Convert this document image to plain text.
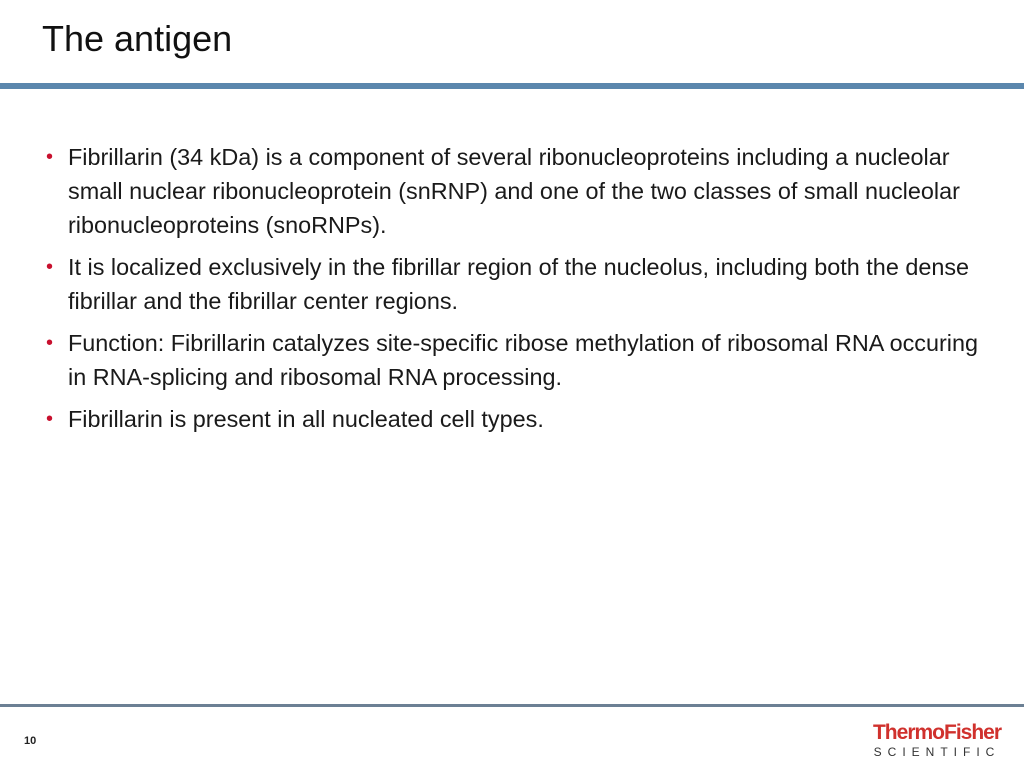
The antigen
• Fibrillarin (34 kDa) is a component of several ribonucleoproteins including a nucleolar small nuclear ribonucleoprotein (snRNP) and one of the two classes of small nucleolar ribonucleoproteins (snoRNPs).
• It is localized exclusively in the fibrillar region of the nucleolus, including both the dense fibrillar and the fibrillar center regions.
• Function: Fibrillarin catalyzes site-specific ribose methylation of ribosomal RNA occuring in RNA-splicing and ribosomal RNA processing.
• Fibrillarin is present in all nucleated cell types.
10	ThermoFisher
SCIENTIFIC
